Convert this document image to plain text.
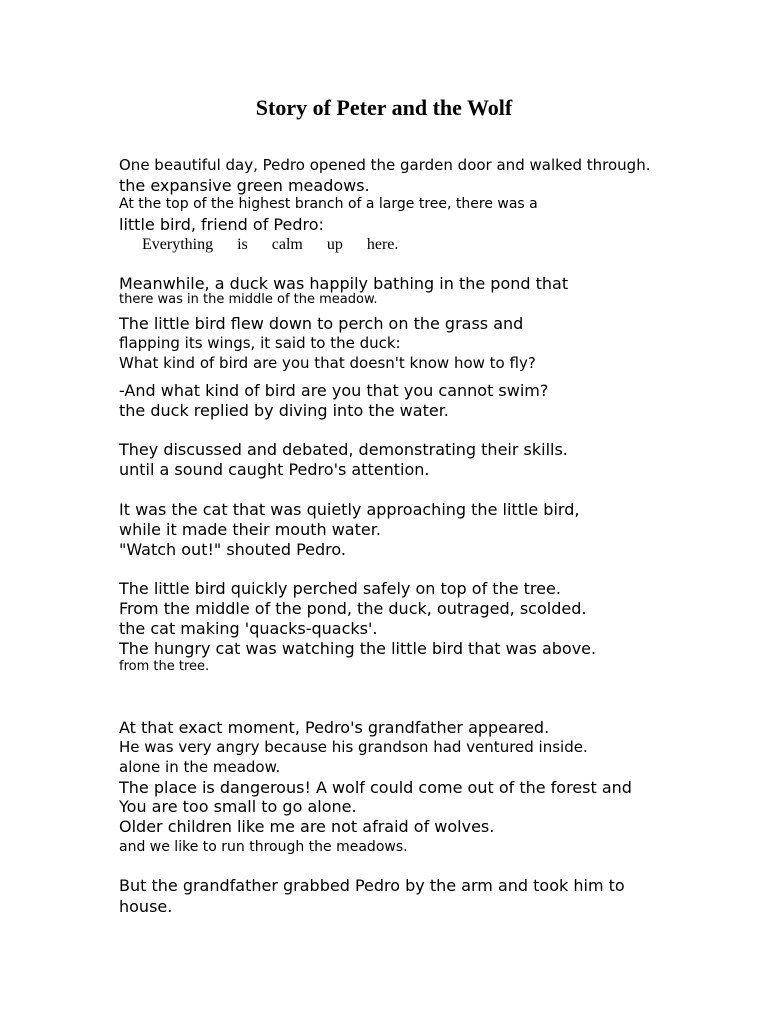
Story of Peter and the Wolf
One beautiful day, Pedro opened the garden door and walked through.
the expansive green meadows.
At the top of the highest branch of a large tree, there was a
little bird, friend of Pedro:
Everything is calm up here.
Meanwhile, a duck was happily bathing in the pond that
there was in the middle of the meadow.
The little bird flew down to perch on the grass and
flapping its wings, it said to the duck:
What kind of bird are you that doesn't know how to fly?
-And what kind of bird are you that you cannot swim?
the duck replied by diving into the water.
They discussed and debated, demonstrating their skills.
until a sound caught Pedro's attention.
It was the cat that was quietly approaching the little bird,
while it made their mouth water.
"Watch out!" shouted Pedro.
The little bird quickly perched safely on top of the tree.
From the middle of the pond, the duck, outraged, scolded.
the cat making 'quacks-quacks'.
The hungry cat was watching the little bird that was above.
from the tree.
At that exact moment, Pedro's grandfather appeared.
He was very angry because his grandson had ventured inside.
alone in the meadow.
The place is dangerous! A wolf could come out of the forest and
You are too small to go alone.
Older children like me are not afraid of wolves.
and we like to run through the meadows.
But the grandfather grabbed Pedro by the arm and took him to
house.
